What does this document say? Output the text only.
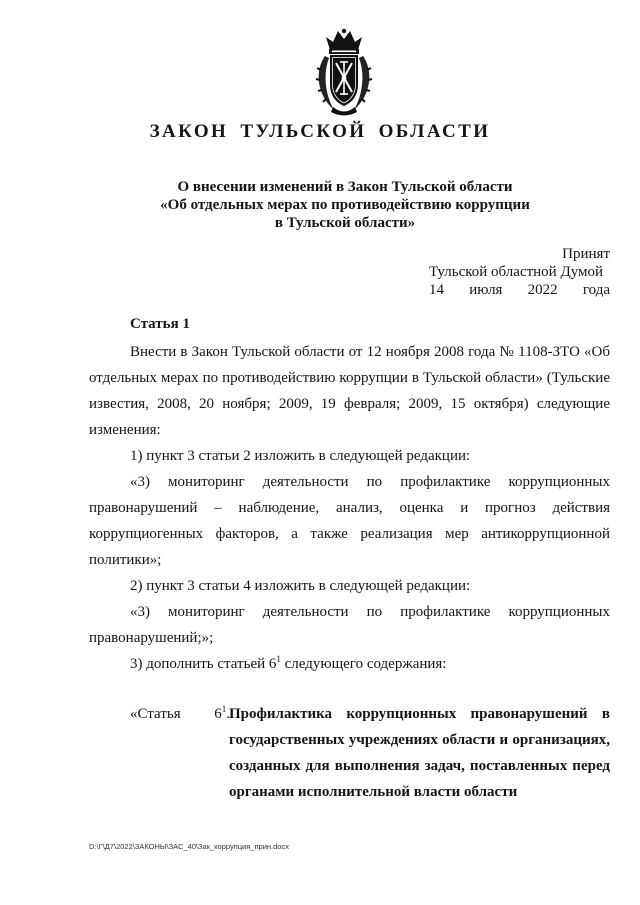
ЗАКОН ТУЛЬСКОЙ ОБЛАСТИ
О внесении изменений в Закон Тульской области
«Об отдельных мерах по противодействию коррупции
в Тульской области»
Принят
Тульской областной Думой
14 июля 2022 года
Статья 1

Внести в Закон Тульской области от 12 ноября 2008 года № 1108-ЗТО «Об отдельных мерах по противодействию коррупции в Тульской области» (Тульские известия, 2008, 20 ноября; 2009, 19 февраля; 2009, 15 октября) следующие изменения:

1) пункт 3 статьи 2 изложить в следующей редакции:

«3) мониторинг деятельности по профилактике коррупционных правонарушений – наблюдение, анализ, оценка и прогноз действия коррупциогенных факторов, а также реализация мер антикоррупционной политики»;

2) пункт 3 статьи 4 изложить в следующей редакции:

«3) мониторинг деятельности по профилактике коррупционных правонарушений;»;

3) дополнить статьей $6^1$ следующего содержания:

«Статья $6^1$. Профилактика коррупционных правонарушений в государственных учреждениях области и организациях, созданных для выполнения задач, поставленных перед органами исполнительной власти области
D:\Г\Д7\2022\ЗАКОНЫ\ЗАС_40\Зак_коррупция_прин.docx
